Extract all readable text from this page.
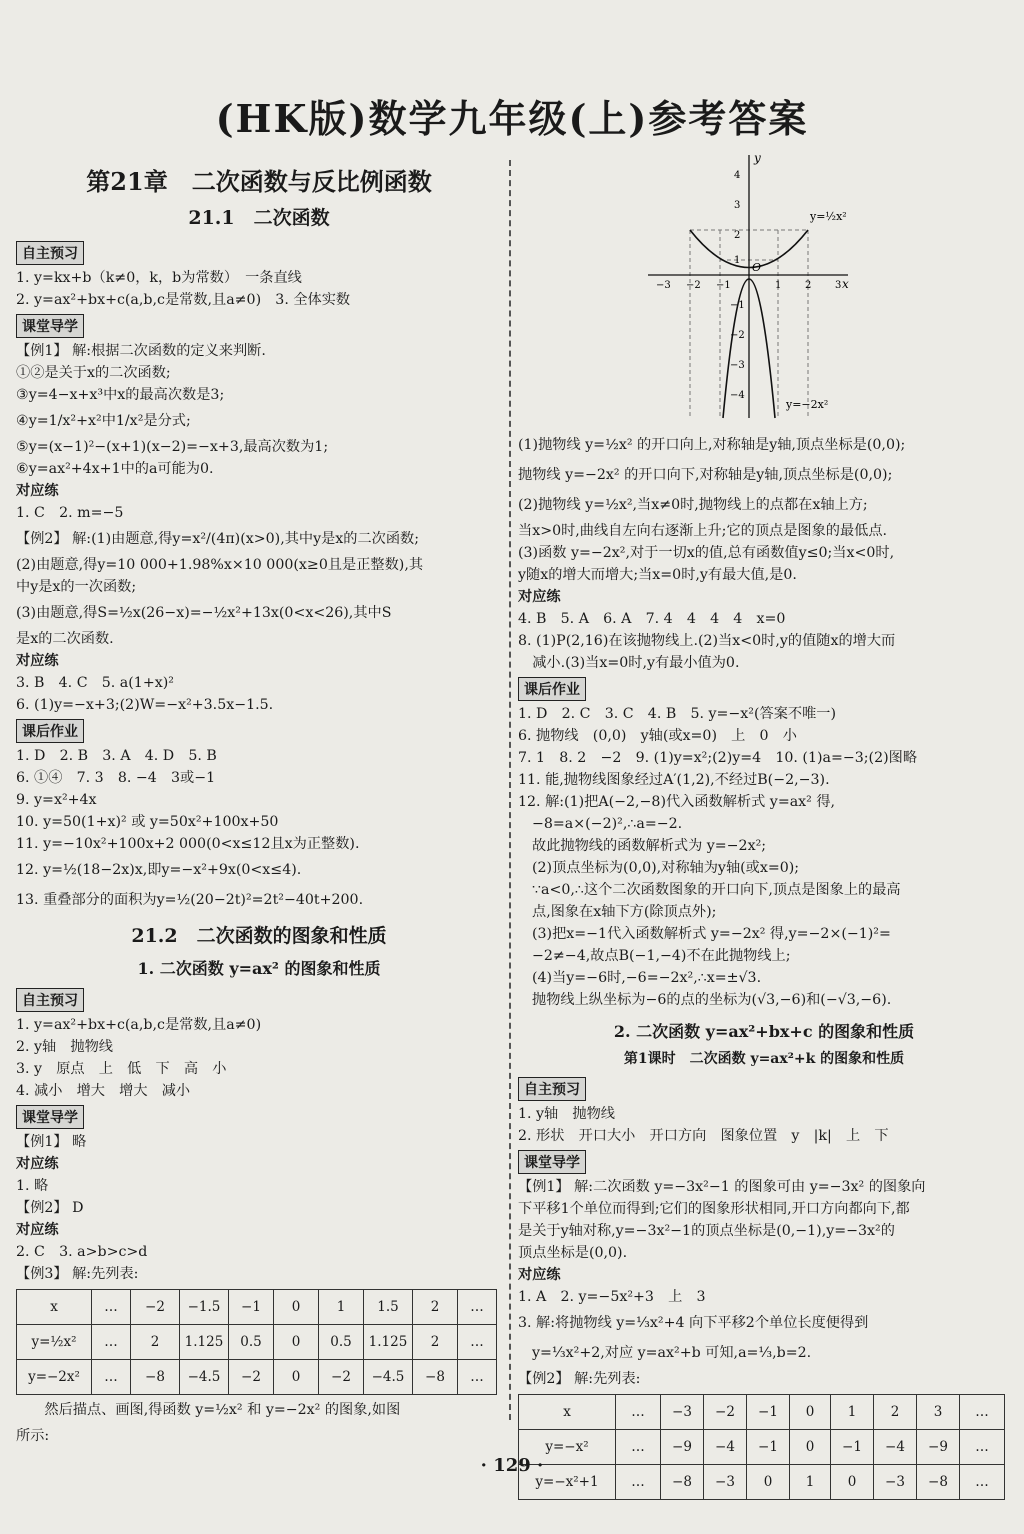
(HK版)数学九年级(上)参考答案
第21章　二次函数与反比例函数
21.1　二次函数
自主预习
1. y=kx+b（k≠0，k，b为常数）　一条直线
2. y=ax²+bx+c(a,b,c是常数,且a≠0)　3. 全体实数
课堂导学
【例1】 解:根据二次函数的定义来判断.
①②是关于x的二次函数;
③y=4−x+x³中x的最高次数是3;
④y=1/x²+x²中1/x²是分式;
⑤y=(x−1)²−(x+1)(x−2)=−x+3,最高次数为1;
⑥y=ax²+4x+1中的a可能为0.
对应练
1. C　2. m=−5
【例2】 解:(1)由题意,得y=x²/(4π)(x>0),其中y是x的二次函数;
(2)由题意,得y=10 000+1.98%x×10 000(x≥0且是正整数),其
中y是x的一次函数;
(3)由题意,得S=½x(26−x)=−½x²+13x(0<x<26),其中S
是x的二次函数.
对应练
3. B　4. C　5. a(1+x)²
6. (1)y=−x+3;(2)W=−x²+3.5x−1.5.
课后作业
1. D　2. B　3. A　4. D　5. B
6. ①④　7. 3　8. −4　3或−1
9. y=x²+4x
10. y=50(1+x)² 或 y=50x²+100x+50
11. y=−10x²+100x+2 000(0<x≤12且x为正整数).
12. y=½(18−2x)x,即y=−x²+9x(0<x≤4).
13. 重叠部分的面积为y=½(20−2t)²=2t²−40t+200.
21.2　二次函数的图象和性质
1. 二次函数 y=ax² 的图象和性质
自主预习
1. y=ax²+bx+c(a,b,c是常数,且a≠0)
2. y轴　抛物线
3. y　原点　上　低　下　高　小
4. 减小　增大　增大　减小
课堂导学
【例1】 略
对应练
1. 略
【例2】 D
对应练
2. C　3. a>b>c>d
【例3】 解:先列表:
x	…	−2	−1.5	−1	0	1	1.5	2	…
y=½x²	…	2	1.125	0.5	0	0.5	1.125	2	…
y=−2x²	…	−8	−4.5	−2	0	−2	−4.5	−8	…
　　然后描点、画图,得函数 y=½x² 和 y=−2x² 的图象,如图
所示:
y
x
O
y=½x²
y=−2x²
−3 −2 −1	1 2 3
4
3
2
1
−1
−2
−3
−4
(1)抛物线 y=½x² 的开口向上,对称轴是y轴,顶点坐标是(0,0);
抛物线 y=−2x² 的开口向下,对称轴是y轴,顶点坐标是(0,0);
(2)抛物线 y=½x²,当x≠0时,抛物线上的点都在x轴上方;
当x>0时,曲线自左向右逐渐上升;它的顶点是图象的最低点.
(3)函数 y=−2x²,对于一切x的值,总有函数值y≤0;当x<0时,
y随x的增大而增大;当x=0时,y有最大值,是0.
对应练
4. B　5. A　6. A　7. 4　4　4　4　x=0
8. (1)P(2,16)在该抛物线上.(2)当x<0时,y的值随x的增大而
　减小.(3)当x=0时,y有最小值为0.
课后作业
1. D　2. C　3. C　4. B　5. y=−x²(答案不唯一)
6. 抛物线　(0,0)　y轴(或x=0)　上　0　小
7. 1　8. 2　−2　9. (1)y=x²;(2)y=4　10. (1)a=−3;(2)图略
11. 能,抛物线图象经过A′(1,2),不经过B(−2,−3).
12. 解:(1)把A(−2,−8)代入函数解析式 y=ax² 得,
−8=a×(−2)²,∴a=−2.
故此抛物线的函数解析式为 y=−2x²;
(2)顶点坐标为(0,0),对称轴为y轴(或x=0);
∵a<0,∴这个二次函数图象的开口向下,顶点是图象上的最高
点,图象在x轴下方(除顶点外);
(3)把x=−1代入函数解析式 y=−2x² 得,y=−2×(−1)²=
−2≠−4,故点B(−1,−4)不在此抛物线上;
(4)当y=−6时,−6=−2x²,∴x=±√3.
抛物线上纵坐标为−6的点的坐标为(√3,−6)和(−√3,−6).
2. 二次函数 y=ax²+bx+c 的图象和性质
第1课时　二次函数 y=ax²+k 的图象和性质
自主预习
1. y轴　抛物线
2. 形状　开口大小　开口方向　图象位置　y　|k|　上　下
课堂导学
【例1】 解:二次函数 y=−3x²−1 的图象可由 y=−3x² 的图象向
下平移1个单位而得到;它们的图象形状相同,开口方向都向下,都
是关于y轴对称,y=−3x²−1的顶点坐标是(0,−1),y=−3x²的
顶点坐标是(0,0).
对应练
1. A　2. y=−5x²+3　上　3
3. 解:将抛物线 y=⅓x²+4 向下平移2个单位长度便得到
y=⅓x²+2,对应 y=ax²+b 可知,a=⅓,b=2.
【例2】 解:先列表:
x	…	−3	−2	−1	0	1	2	3	…
y=−x²	…	−9	−4	−1	0	−1	−4	−9	…
y=−x²+1	…	−8	−3	0	1	0	−3	−8	…
· 129 ·
